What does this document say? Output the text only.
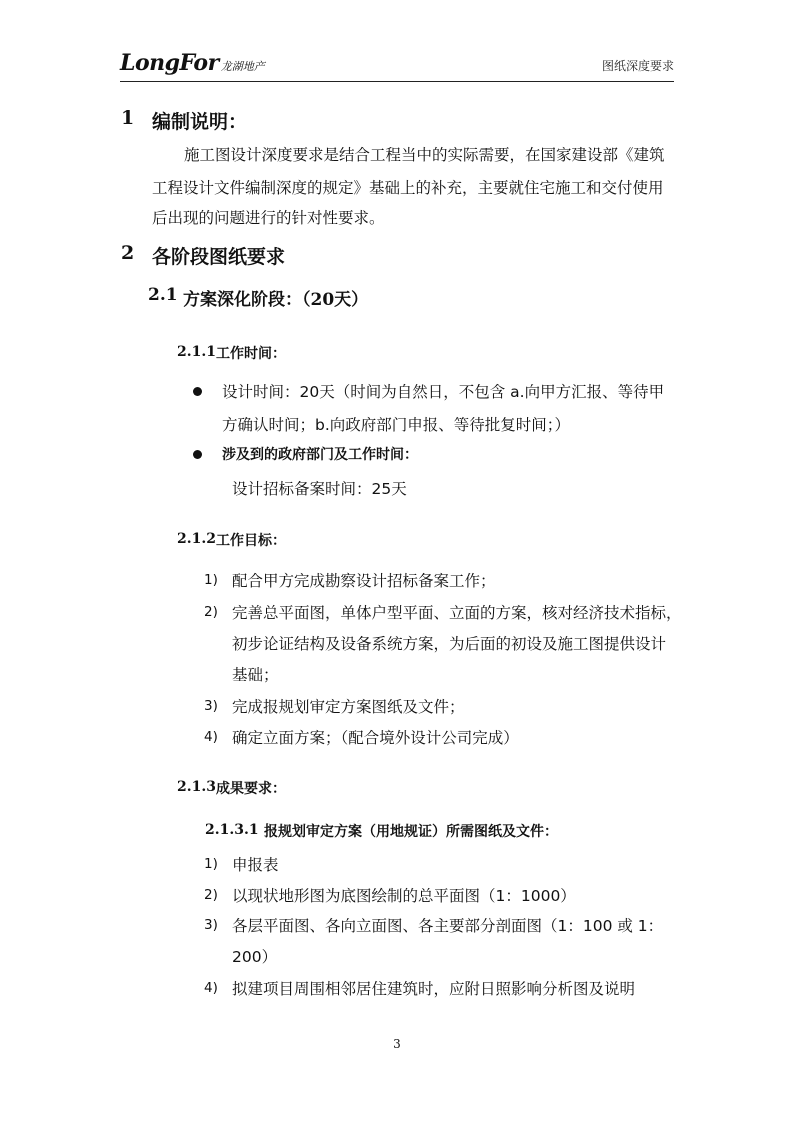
LongFor 龙湖地产	图纸深度要求
1 编制说明：
施工图设计深度要求是结合工程当中的实际需要，在国家建设部《建筑
工程设计文件编制深度的规定》基础上的补充，主要就住宅施工和交付使用
后出现的问题进行的针对性要求。
2 各阶段图纸要求
2.1 方案深化阶段：（20天）
2.1.1 工作时间：
设计时间：20天（时间为自然日，不包含 a.向甲方汇报、等待甲
方确认时间；b.向政府部门申报、等待批复时间；）
涉及到的政府部门及工作时间：
设计招标备案时间：25天
2.1.2 工作目标：
1) 配合甲方完成勘察设计招标备案工作；
2) 完善总平面图，单体户型平面、立面的方案，核对经济技术指标，
初步论证结构及设备系统方案，为后面的初设及施工图提供设计
基础；
3) 完成报规划审定方案图纸及文件；
4) 确定立面方案；（配合境外设计公司完成）
2.1.3 成果要求：
2.1.3.1 报规划审定方案（用地规证）所需图纸及文件：
1) 申报表
2) 以现状地形图为底图绘制的总平面图（1：1000）
3) 各层平面图、各向立面图、各主要部分剖面图（1：100 或 1：
200）
4) 拟建项目周围相邻居住建筑时，应附日照影响分析图及说明
3
